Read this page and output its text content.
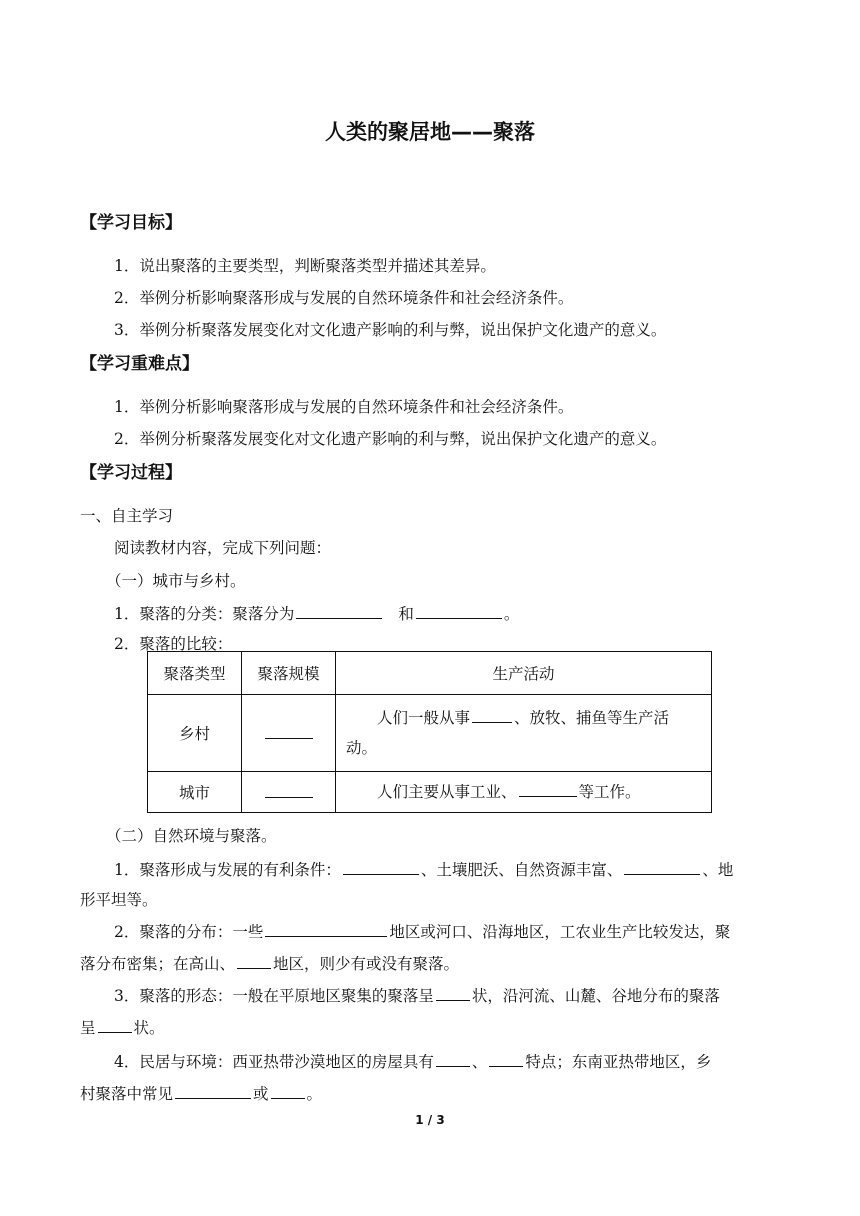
人类的聚居地——聚落
【学习目标】
1．说出聚落的主要类型，判断聚落类型并描述其差异。
2．举例分析影响聚落形成与发展的自然环境条件和社会经济条件。
3．举例分析聚落发展变化对文化遗产影响的利与弊，说出保护文化遗产的意义。
【学习重难点】
1．举例分析影响聚落形成与发展的自然环境条件和社会经济条件。
2．举例分析聚落发展变化对文化遗产影响的利与弊，说出保护文化遗产的意义。
【学习过程】
一、自主学习
阅读教材内容，完成下列问题：
（一）城市与乡村。
1．聚落的分类：聚落分为	和	。
2．聚落的比较：
聚落类型	聚落规模	生产活动
乡村		人们一般从事 、放牧、捕鱼等生产活
动。
城市		人们主要从事工业、 等工作。
（二）自然环境与聚落。
1．聚落形成与发展的有利条件：	、土壤肥沃、自然资源丰富、	、地
形平坦等。
2．聚落的分布：一些	地区或河口、沿海地区，工农业生产比较发达，聚
落分布密集；在高山、 地区，则少有或没有聚落。
3．聚落的形态：一般在平原地区聚集的聚落呈 状，沿河流、山麓、谷地分布的聚落
呈 状。
4．民居与环境：西亚热带沙漠地区的房屋具有 、 特点；东南亚热带地区，乡
村聚落中常见	或 。
1 / 3
